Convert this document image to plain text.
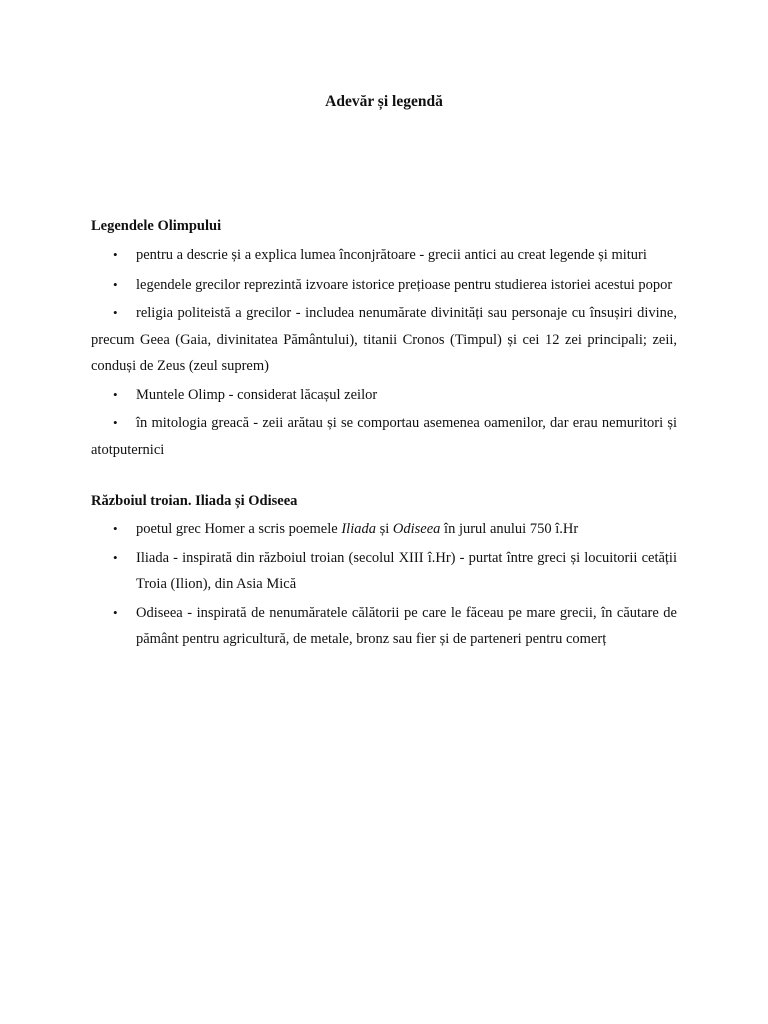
Adevăr și legendă
Legendele Olimpului
• pentru a descrie și a explica lumea înconjrătoare - grecii antici au creat legende și mituri
• legendele grecilor reprezintă izvoare istorice prețioase pentru studierea istoriei acestui popor
• religia politeistă a grecilor - includea nenumărate divinități sau personaje cu însușiri divine, precum Geea (Gaia, divinitatea Pământului), titanii Cronos (Timpul) și cei 12 zei principali; zeii, conduși de Zeus (zeul suprem)
• Muntele Olimp - considerat lăcașul zeilor
• în mitologia greacă - zeii arătau și se comportau asemenea oamenilor, dar erau nemuritori și atotputernici
Războiul troian. Iliada și Odiseea
• poetul grec Homer a scris poemele Iliada și Odiseea în jurul anului 750 î.Hr
• Iliada - inspirată din războiul troian (secolul XIII î.Hr) - purtat între greci și locuitorii cetății Troia (Ilion), din Asia Mică
• Odiseea - inspirată de nenumăratele călătorii pe care le făceau pe mare grecii, în căutare de pământ pentru agricultură, de metale, bronz sau fier și de parteneri pentru comerț
